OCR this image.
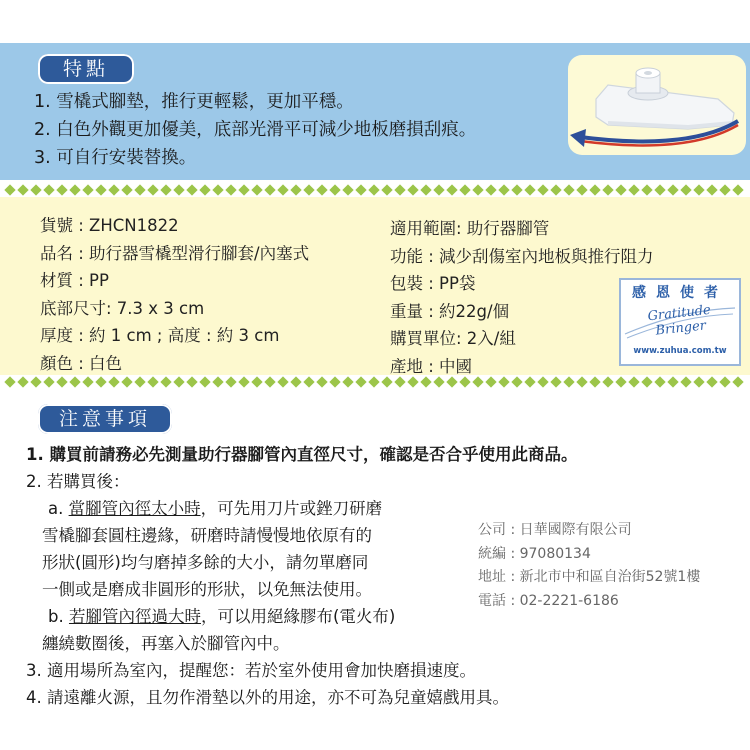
特點
1. 雪橇式腳墊，推行更輕鬆，更加平穩。
2. 白色外觀更加優美，底部光滑平可減少地板磨損刮痕。
3. 可自行安裝替換。
貨號 : ZHCN1822
品名 : 助行器雪橇型滑行腳套/內塞式
材質 : PP
底部尺寸: 7.3 x 3 cm
厚度 : 約 1 cm ; 高度 : 約 3 cm
顏色 : 白色
適用範圍: 助行器腳管
功能 : 減少刮傷室內地板與推行阻力
包裝 : PP袋
重量 : 約22g/個
購買單位: 2入/組
產地 : 中國
感恩使者
Gratitude Bringer
www.zuhua.com.tw
注意事項
1. 購買前請務必先測量助行器腳管內直徑尺寸，確認是否合乎使用此商品。
2. 若購買後：
a. 當腳管內徑太小時，可先用刀片或銼刀研磨
雪橇腳套圓柱邊緣，研磨時請慢慢地依原有的
形狀(圓形)均勻磨掉多餘的大小，請勿單磨同
一側或是磨成非圓形的形狀，以免無法使用。
b. 若腳管內徑過大時，可以用絕緣膠布(電火布)
纏繞數圈後，再塞入於腳管內中。
3. 適用場所為室內，提醒您：若於室外使用會加快磨損速度。
4. 請遠離火源，且勿作滑墊以外的用途，亦不可為兒童嬉戲用具。
公司 : 日華國際有限公司
統編 : 97080134
地址 : 新北市中和區自治街52號1樓
電話 : 02-2221-6186
